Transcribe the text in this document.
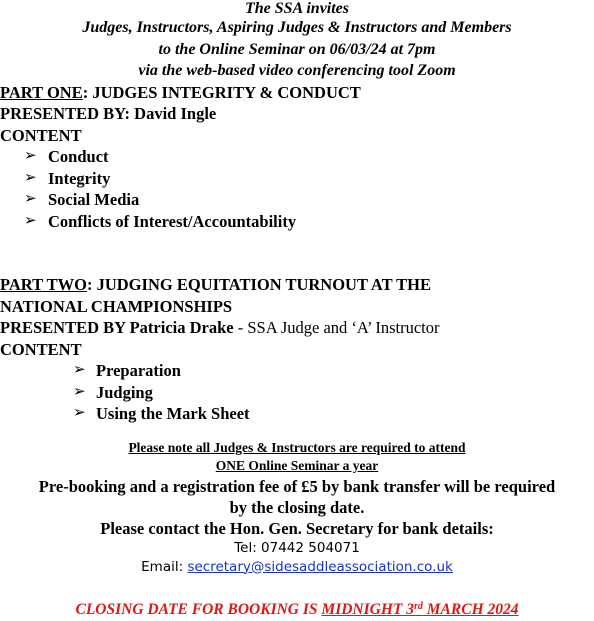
The SSA invites
Judges, Instructors, Aspiring Judges & Instructors and Members
to the Online Seminar on 06/03/24 at 7pm
via the web-based video conferencing tool Zoom
PART ONE: JUDGES INTEGRITY & CONDUCT
PRESENTED BY: David Ingle
CONTENT
➢ Conduct
➢ Integrity
➢ Social Media
➢ Conflicts of Interest/Accountability
PART TWO: JUDGING EQUITATION TURNOUT AT THE
NATIONAL CHAMPIONSHIPS
PRESENTED BY Patricia Drake - SSA Judge and ‘A’ Instructor
CONTENT
➢ Preparation
➢ Judging
➢ Using the Mark Sheet
Please note all Judges & Instructors are required to attend
ONE Online Seminar a year
Pre-booking and a registration fee of £5 by bank transfer will be required
by the closing date.
Please contact the Hon. Gen. Secretary for bank details:
Tel: 07442 504071
Email: secretary@sidesaddleassociation.co.uk
CLOSING DATE FOR BOOKING IS MIDNIGHT 3rd MARCH 2024
